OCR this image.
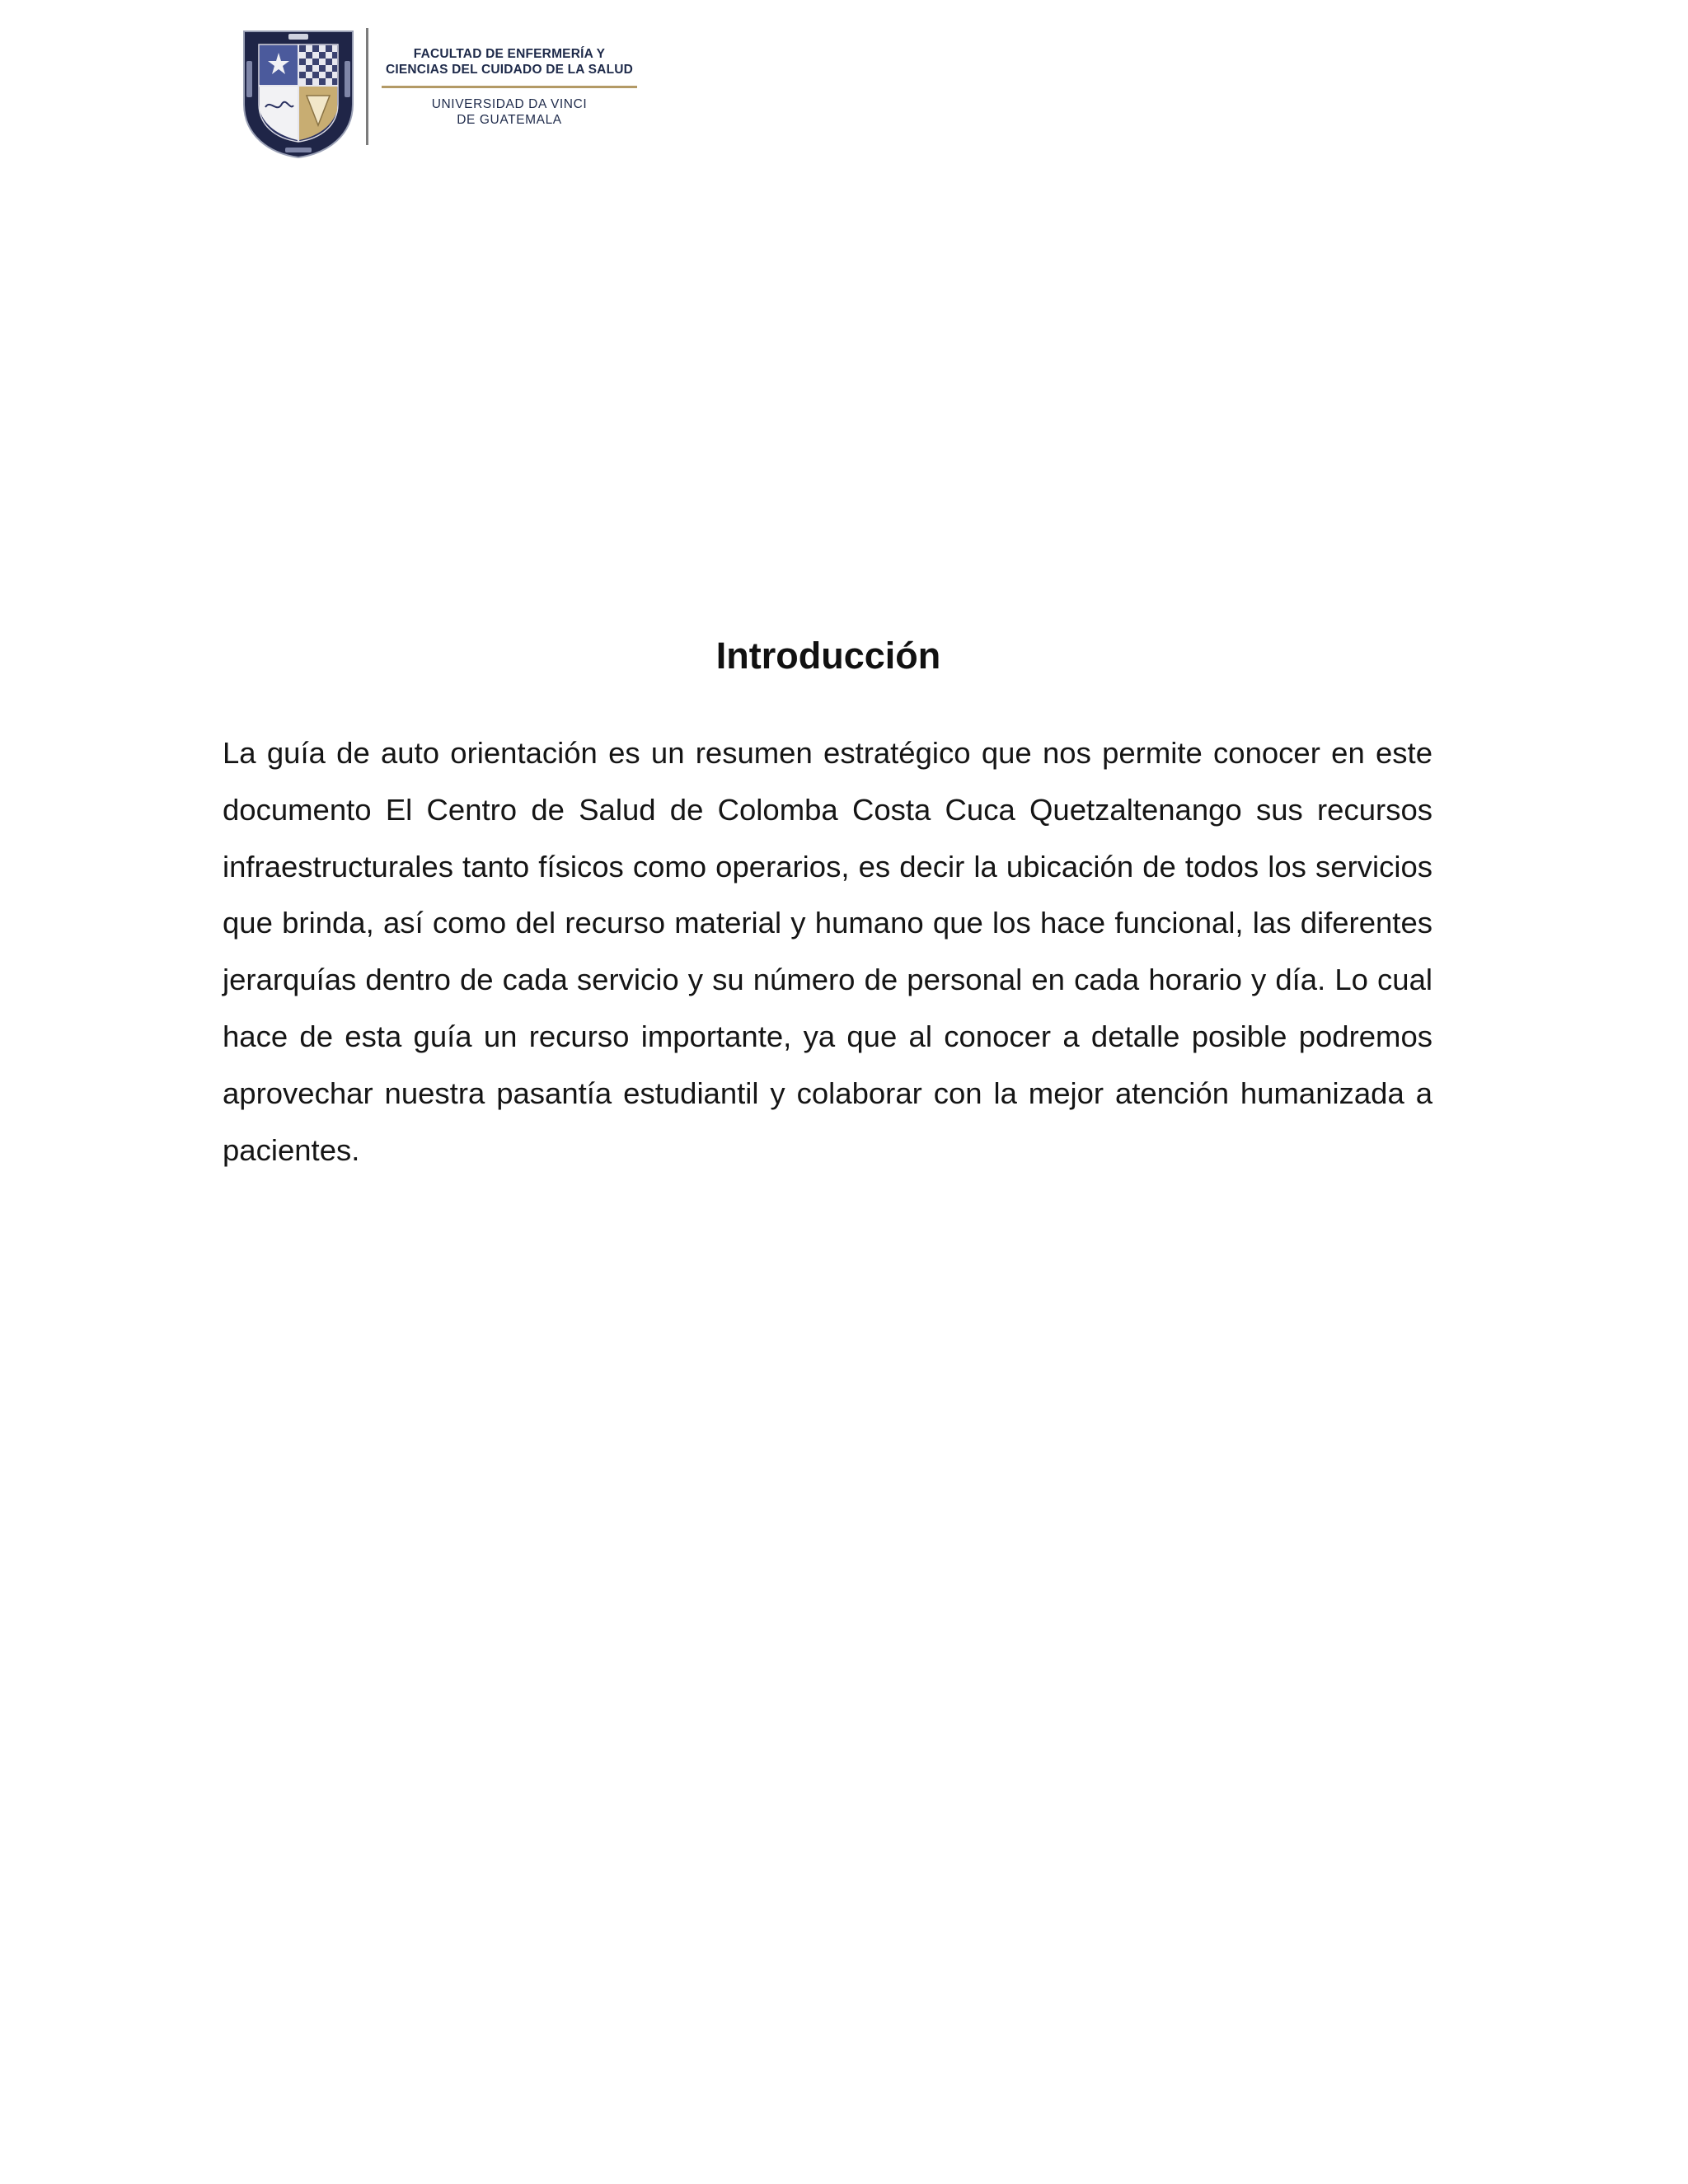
FACULTAD DE ENFERMERÍA Y
CIENCIAS DEL CUIDADO DE LA SALUD
UNIVERSIDAD DA VINCI
DE GUATEMALA
Introducción

La guía de auto orientación es un resumen estratégico que nos permite conocer en este documento El Centro de Salud de Colomba Costa Cuca Quetzaltenango sus recursos infraestructurales tanto físicos como operarios, es decir la ubicación de todos los servicios que brinda, así como del recurso material y humano que los hace funcional, las diferentes jerarquías dentro de cada servicio y su número de personal en cada horario y día. Lo cual hace de esta guía un recurso importante, ya que al conocer a detalle posible podremos aprovechar nuestra pasantía estudiantil y colaborar con la mejor atención humanizada a pacientes.
